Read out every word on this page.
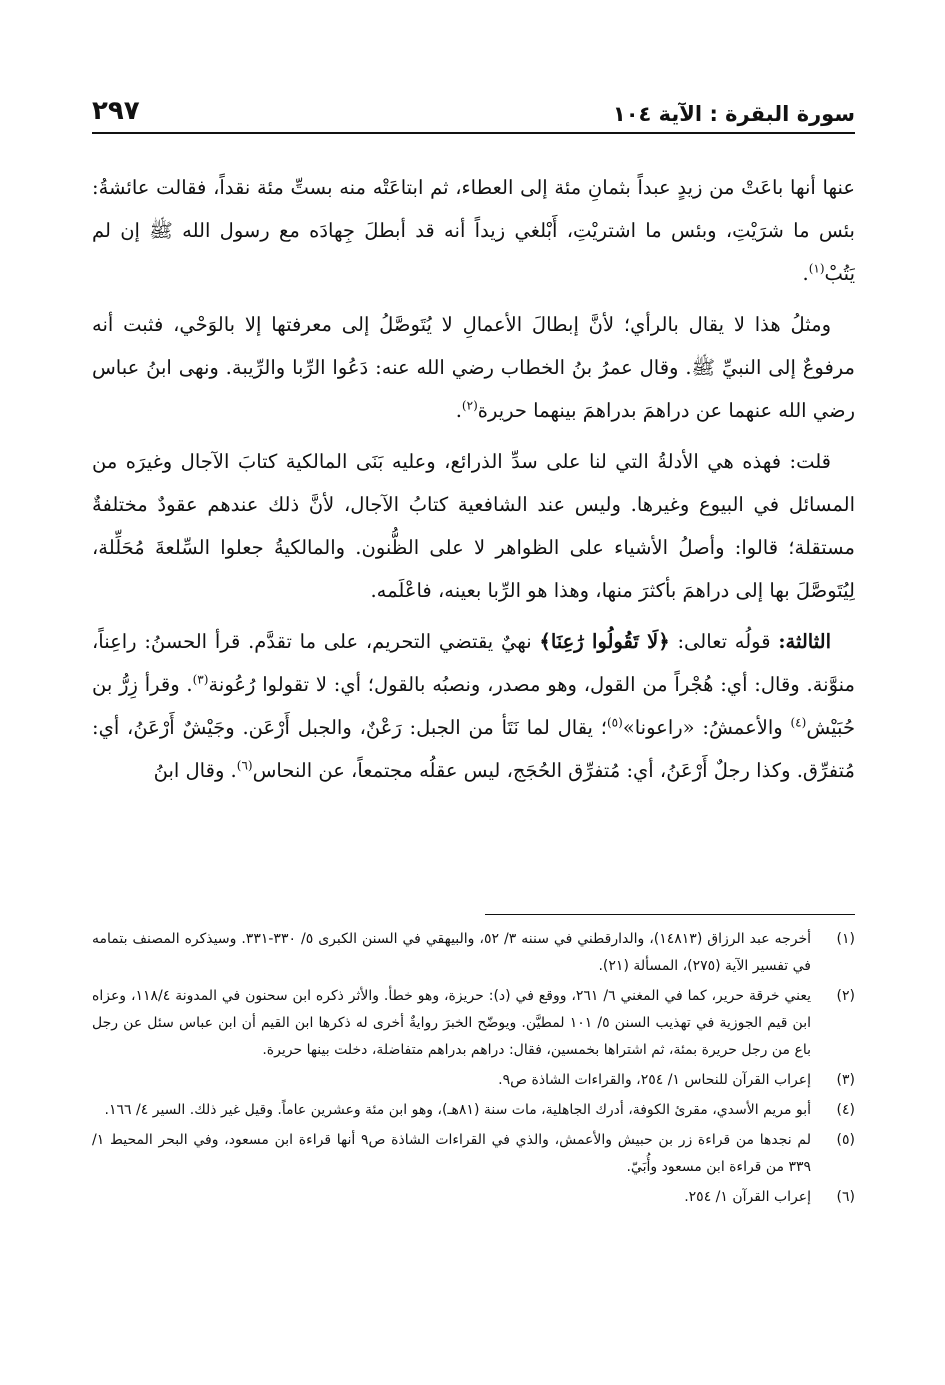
سورة البقرة : الآية ١٠٤
٢٩٧

عنها أنها باعَتْ من زيدٍ عبداً بثمانِ مئة إلى العطاء، ثم ابتاعَتْه منه بستِّ مئة نقداً، فقالت عائشةُ: بئس ما شرَيْتِ، وبئس ما اشتريْتِ، أَبْلغي زيداً أنه قد أبطلَ جِهادَه مع رسول الله ﷺ إن لم يَتُبْ$^{(١)}$.

ومثلُ هذا لا يقال بالرأي؛ لأنَّ إبطالَ الأعمالِ لا يُتَوصَّلُ إلى معرفتها إلا بالوَحْي، فثبت أنه مرفوعٌ إلى النبيِّ ﷺ. وقال عمرُ بنُ الخطاب رضي الله عنه: دَعُوا الرِّبا والرِّيبة. ونهى ابنُ عباس رضي الله عنهما عن دراهمَ بدراهمَ بينهما حريرة$^{(٢)}$.

قلت: فهذه هي الأدلةُ التي لنا على سدِّ الذرائع، وعليه بَنَى المالكية كتابَ الآجال وغيرَه من المسائل في البيوع وغيرها. وليس عند الشافعية كتابُ الآجال، لأنَّ ذلك عندهم عقودٌ مختلفةٌ مستقلة؛ قالوا: وأصلُ الأشياء على الظواهر لا على الظُّنون. والمالكيةُ جعلوا السِّلعةَ مُحَلِّلة، لِيُتَوصَّلَ بها إلى دراهمَ بأكثرَ منها، وهذا هو الرِّبا بعينه، فاعْلَمه.

الثالثة: قولُه تعالى: ﴿لَا تَقُولُوا رَٰعِنَا﴾ نهيٌ يقتضي التحريم، على ما تقدَّم. قرأ الحسنُ: راعِناً، منوَّنة. وقال: أي: هُجْراً من القول، وهو مصدر، ونصبُه بالقول؛ أي: لا تقولوا رُعُونة$^{(٣)}$. وقرأ زِرُّ بن حُبَيْش$^{(٤)}$ والأعمشُ: «راعونا»$^{(٥)}$؛ يقال لما نَتَأ من الجبل: رَعْنٌ، والجبل أَرْعَن. وجَيْشٌ أَرْعَنُ، أي: مُتفرِّق. وكذا رجلٌ أَرْعَنُ، أي: مُتفرِّق الحُجَج، ليس عقلُه مجتمعاً، عن النحاس$^{(٦)}$. وقال ابنُ

(١)
أخرجه عبد الرزاق (١٤٨١٣)، والدارقطني في سننه ٣/ ٥٢، والبيهقي في السنن الكبرى ٥/ ٣٣٠-٣٣١. وسيذكره المصنف بتمامه في تفسير الآية (٢٧٥)، المسألة (٢١).
(٢)
يعني خرقة حرير، كما في المغني ٦/ ٢٦١، ووقع في (د): حريزة، وهو خطأ. والأثر ذكره ابن سحنون في المدونة ١١٨/٤، وعزاه ابن قيم الجوزية في تهذيب السنن ٥/ ١٠١ لمطيَّن. ويوضّح الخبرَ روايةٌ أخرى له ذكرها ابن القيم أن ابن عباس سئل عن رجل باع من رجل حريرة بمئة، ثم اشتراها بخمسين، فقال: دراهم بدراهم متفاضلة، دخلت بينها حريرة.
(٣)
إعراب القرآن للنحاس ١/ ٢٥٤، والقراءات الشاذة ص٩.
(٤)
أبو مريم الأسدي، مقرئ الكوفة، أدرك الجاهلية، مات سنة (٨١هـ)، وهو ابن مئة وعشرين عاماً. وقيل غير ذلك. السير ٤/ ١٦٦.
(٥)
لم نجدها من قراءة زر بن حبيش والأعمش، والذي في القراءات الشاذة ص٩ أنها قراءة ابن مسعود، وفي البحر المحيط ١/ ٣٣٩ من قراءة ابن مسعود وأُبَيّ.
(٦)
إعراب القرآن ١/ ٢٥٤.
